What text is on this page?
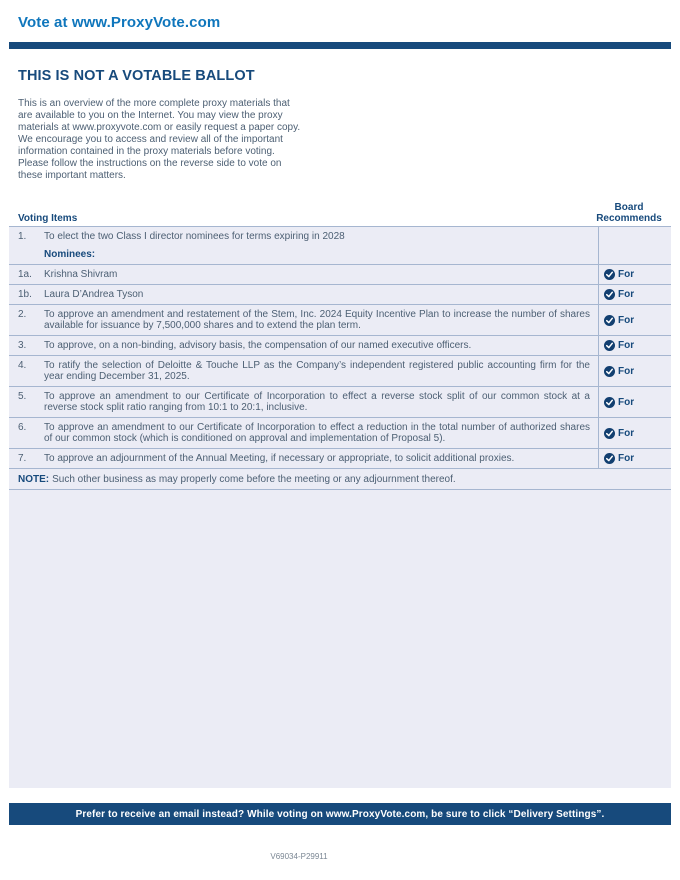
Vote at www.ProxyVote.com
THIS IS NOT A VOTABLE BALLOT
This is an overview of the more complete proxy materials that
are available to you on the Internet. You may view the proxy
materials at www.proxyvote.com or easily request a paper copy.
We encourage you to access and review all of the important
information contained in the proxy materials before voting.
Please follow the instructions on the reverse side to vote on
these important matters.
Voting Items
Board Recommends
1.	To elect the two Class I director nominees for terms expiring in 2028
Nominees:
1a.	Krishna Shivram	For
1b.	Laura D’Andrea Tyson	For
2.	To approve an amendment and restatement of the Stem, Inc. 2024 Equity Incentive Plan to increase the number of shares available for issuance by 7,500,000 shares and to extend the plan term.	For
3.	To approve, on a non-binding, advisory basis, the compensation of our named executive officers.	For
4.	To ratify the selection of Deloitte & Touche LLP as the Company’s independent registered public accounting firm for the year ending December 31, 2025.	For
5.	To approve an amendment to our Certificate of Incorporation to effect a reverse stock split of our common stock at a reverse stock split ratio ranging from 10:1 to 20:1, inclusive.	For
6.	To approve an amendment to our Certificate of Incorporation to effect a reduction in the total number of authorized shares of our common stock (which is conditioned on approval and implementation of Proposal 5).	For
7.	To approve an adjournment of the Annual Meeting, if necessary or appropriate, to solicit additional proxies.	For
NOTE: Such other business as may properly come before the meeting or any adjournment thereof.
Prefer to receive an email instead? While voting on www.ProxyVote.com, be sure to click “Delivery Settings”.
V69034-P29911
